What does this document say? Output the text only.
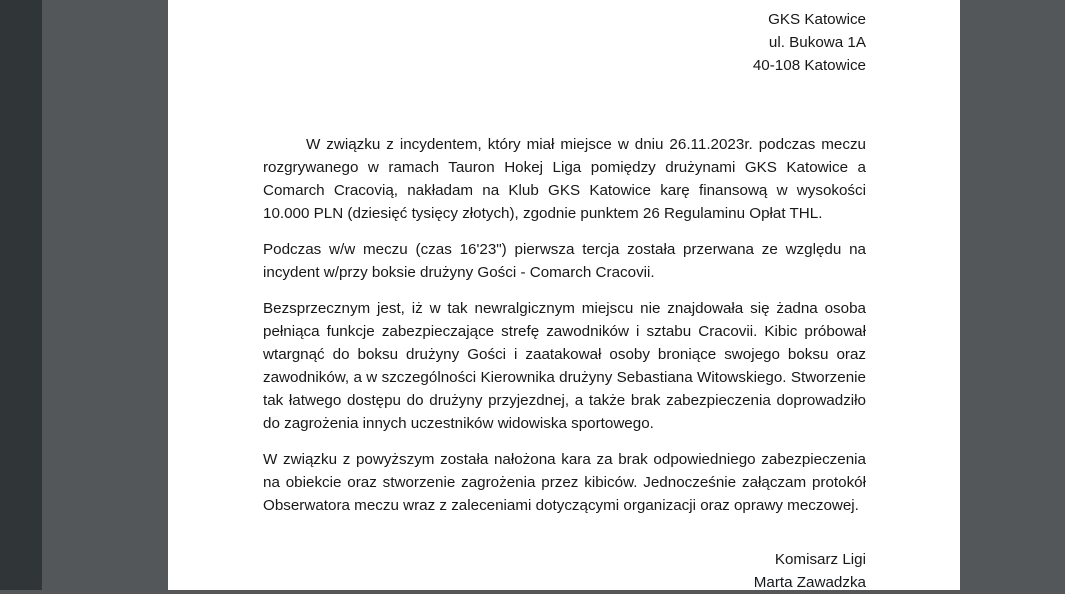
GKS Katowice
ul. Bukowa 1A
40-108 Katowice

W związku z incydentem, który miał miejsce w dniu 26.11.2023r. podczas meczu rozgrywanego w ramach Tauron Hokej Liga pomiędzy drużynami GKS Katowice a Comarch Cracovią, nakładam na Klub GKS Katowice karę finansową w wysokości 10.000 PLN (dziesięć tysięcy złotych), zgodnie punktem 26 Regulaminu Opłat THL.

Podczas w/w meczu (czas 16'23") pierwsza tercja została przerwana ze względu na incydent w/przy boksie drużyny Gości - Comarch Cracovii.

Bezsprzecznym jest, iż w tak newralgicznym miejscu nie znajdowała się żadna osoba pełniąca funkcje zabezpieczające strefę zawodników i sztabu Cracovii. Kibic próbował wtargnąć do boksu drużyny Gości i zaatakował osoby broniące swojego boksu oraz zawodników, a w szczególności Kierownika drużyny Sebastiana Witowskiego. Stworzenie tak łatwego dostępu do drużyny przyjezdnej, a także brak zabezpieczenia doprowadziło do zagrożenia innych uczestników widowiska sportowego.

W związku z powyższym została nałożona kara za brak odpowiedniego zabezpieczenia na obiekcie oraz stworzenie zagrożenia przez kibiców. Jednocześnie załączam protokół Obserwatora meczu wraz z zaleceniami dotyczącymi organizacji oraz oprawy meczowej.

Komisarz Ligi
Marta Zawadzka
